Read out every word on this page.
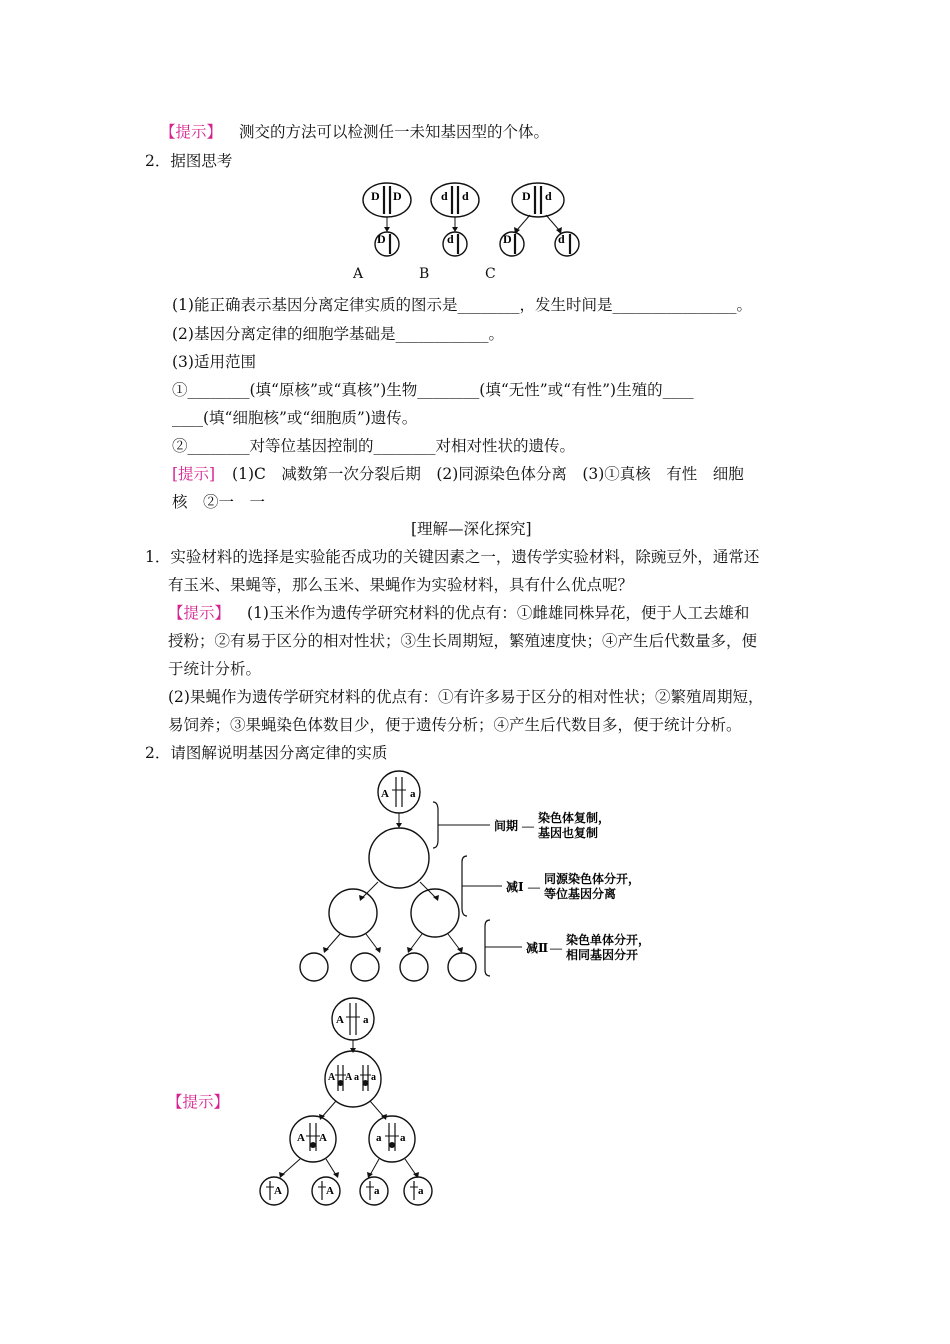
【提示】 测交的方法可以检测任一未知基因型的个体。
2．据图思考
D D
D
d d
d
D d
D	d
A	B	C
(1)能正确表示基因分离定律实质的图示是________，发生时间是________________。
(2)基因分离定律的细胞学基础是____________。
(3)适用范围
①________(填“原核”或“真核”)生物________(填“无性”或“有性”)生殖的____
____(填“细胞核”或“细胞质”)遗传。
②________对等位基因控制的________对相对性状的遗传。
[提示] (1)C　减数第一次分裂后期　(2)同源染色体分离　(3)①真核　有性　细胞
核　②一　一
[理解—深化探究]
1．实验材料的选择是实验能否成功的关键因素之一，遗传学实验材料，除豌豆外，通常还
有玉米、果蝇等，那么玉米、果蝇作为实验材料，具有什么优点呢？
【提示】 (1)玉米作为遗传学研究材料的优点有：①雌雄同株异花，便于人工去雄和
授粉；②有易于区分的相对性状；③生长周期短，繁殖速度快；④产生后代数量多，便
于统计分析。
(2)果蝇作为遗传学研究材料的优点有：①有许多易于区分的相对性状；②繁殖周期短，
易饲养；③果蝇染色体数目少，便于遗传分析；④产生后代数目多，便于统计分析。
2．请图解说明基因分离定律的实质
A a
间期 —
染色体复制，
基因也复制
减Ⅰ —
同源染色体分开，
等位基因分离
减Ⅱ —
染色单体分开，
相同基因分开
【提示】
A a
A A a a
A A	a a
A	A	a	a
